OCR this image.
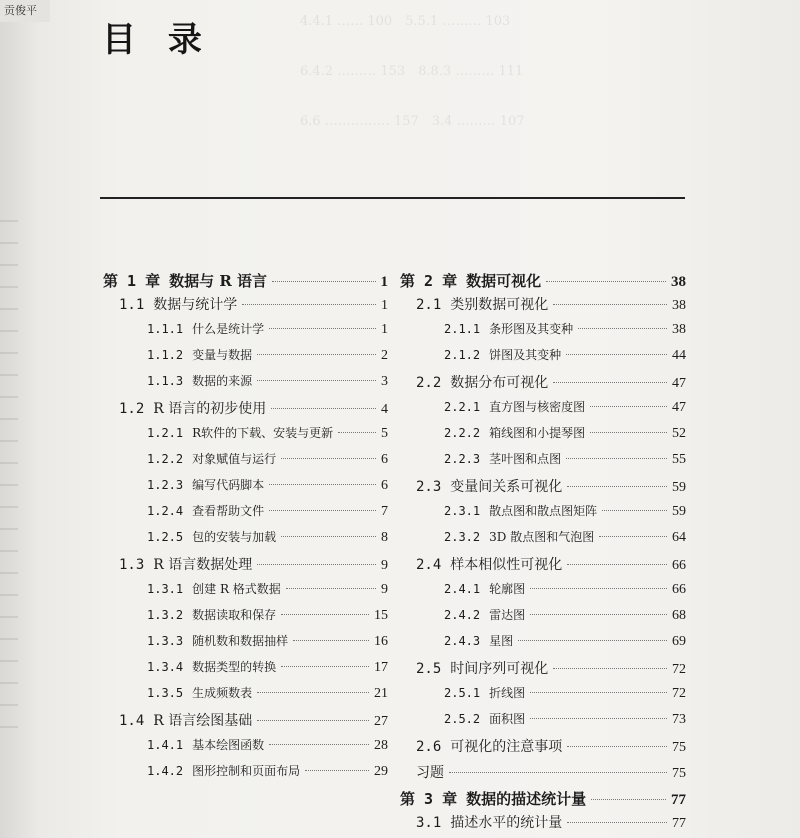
4.4.1 …… 100　5.5.1 ……… 103
6.4.2 ……… 153　8.8.3 ……… 111
6.6 …………… 157　3.4 ……… 107
贡俊平
目 录
第 1 章 数据与 R 语言	1
1.1 数据与统计学	1
1.1.1 什么是统计学	1
1.1.2 变量与数据	2
1.1.3 数据的来源	3
1.2 R 语言的初步使用	4
1.2.1 R软件的下载、安装与更新	5
1.2.2 对象赋值与运行	6
1.2.3 编写代码脚本	6
1.2.4 查看帮助文件	7
1.2.5 包的安装与加载	8
1.3 R 语言数据处理	9
1.3.1 创建 R 格式数据	9
1.3.2 数据读取和保存	15
1.3.3 随机数和数据抽样	16
1.3.4 数据类型的转换	17
1.3.5 生成频数表	21
1.4 R 语言绘图基础	27
1.4.1 基本绘图函数	28
1.4.2 图形控制和页面布局	29
第 2 章 数据可视化	38
2.1 类别数据可视化	38
2.1.1 条形图及其变种	38
2.1.2 饼图及其变种	44
2.2 数据分布可视化	47
2.2.1 直方图与核密度图	47
2.2.2 箱线图和小提琴图	52
2.2.3 茎叶图和点图	55
2.3 变量间关系可视化	59
2.3.1 散点图和散点图矩阵	59
2.3.2 3D 散点图和气泡图	64
2.4 样本相似性可视化	66
2.4.1 轮廓图	66
2.4.2 雷达图	68
2.4.3 星图	69
2.5 时间序列可视化	72
2.5.1 折线图	72
2.5.2 面积图	73
2.6 可视化的注意事项	75
习题	75
第 3 章 数据的描述统计量	77
3.1 描述水平的统计量	77
